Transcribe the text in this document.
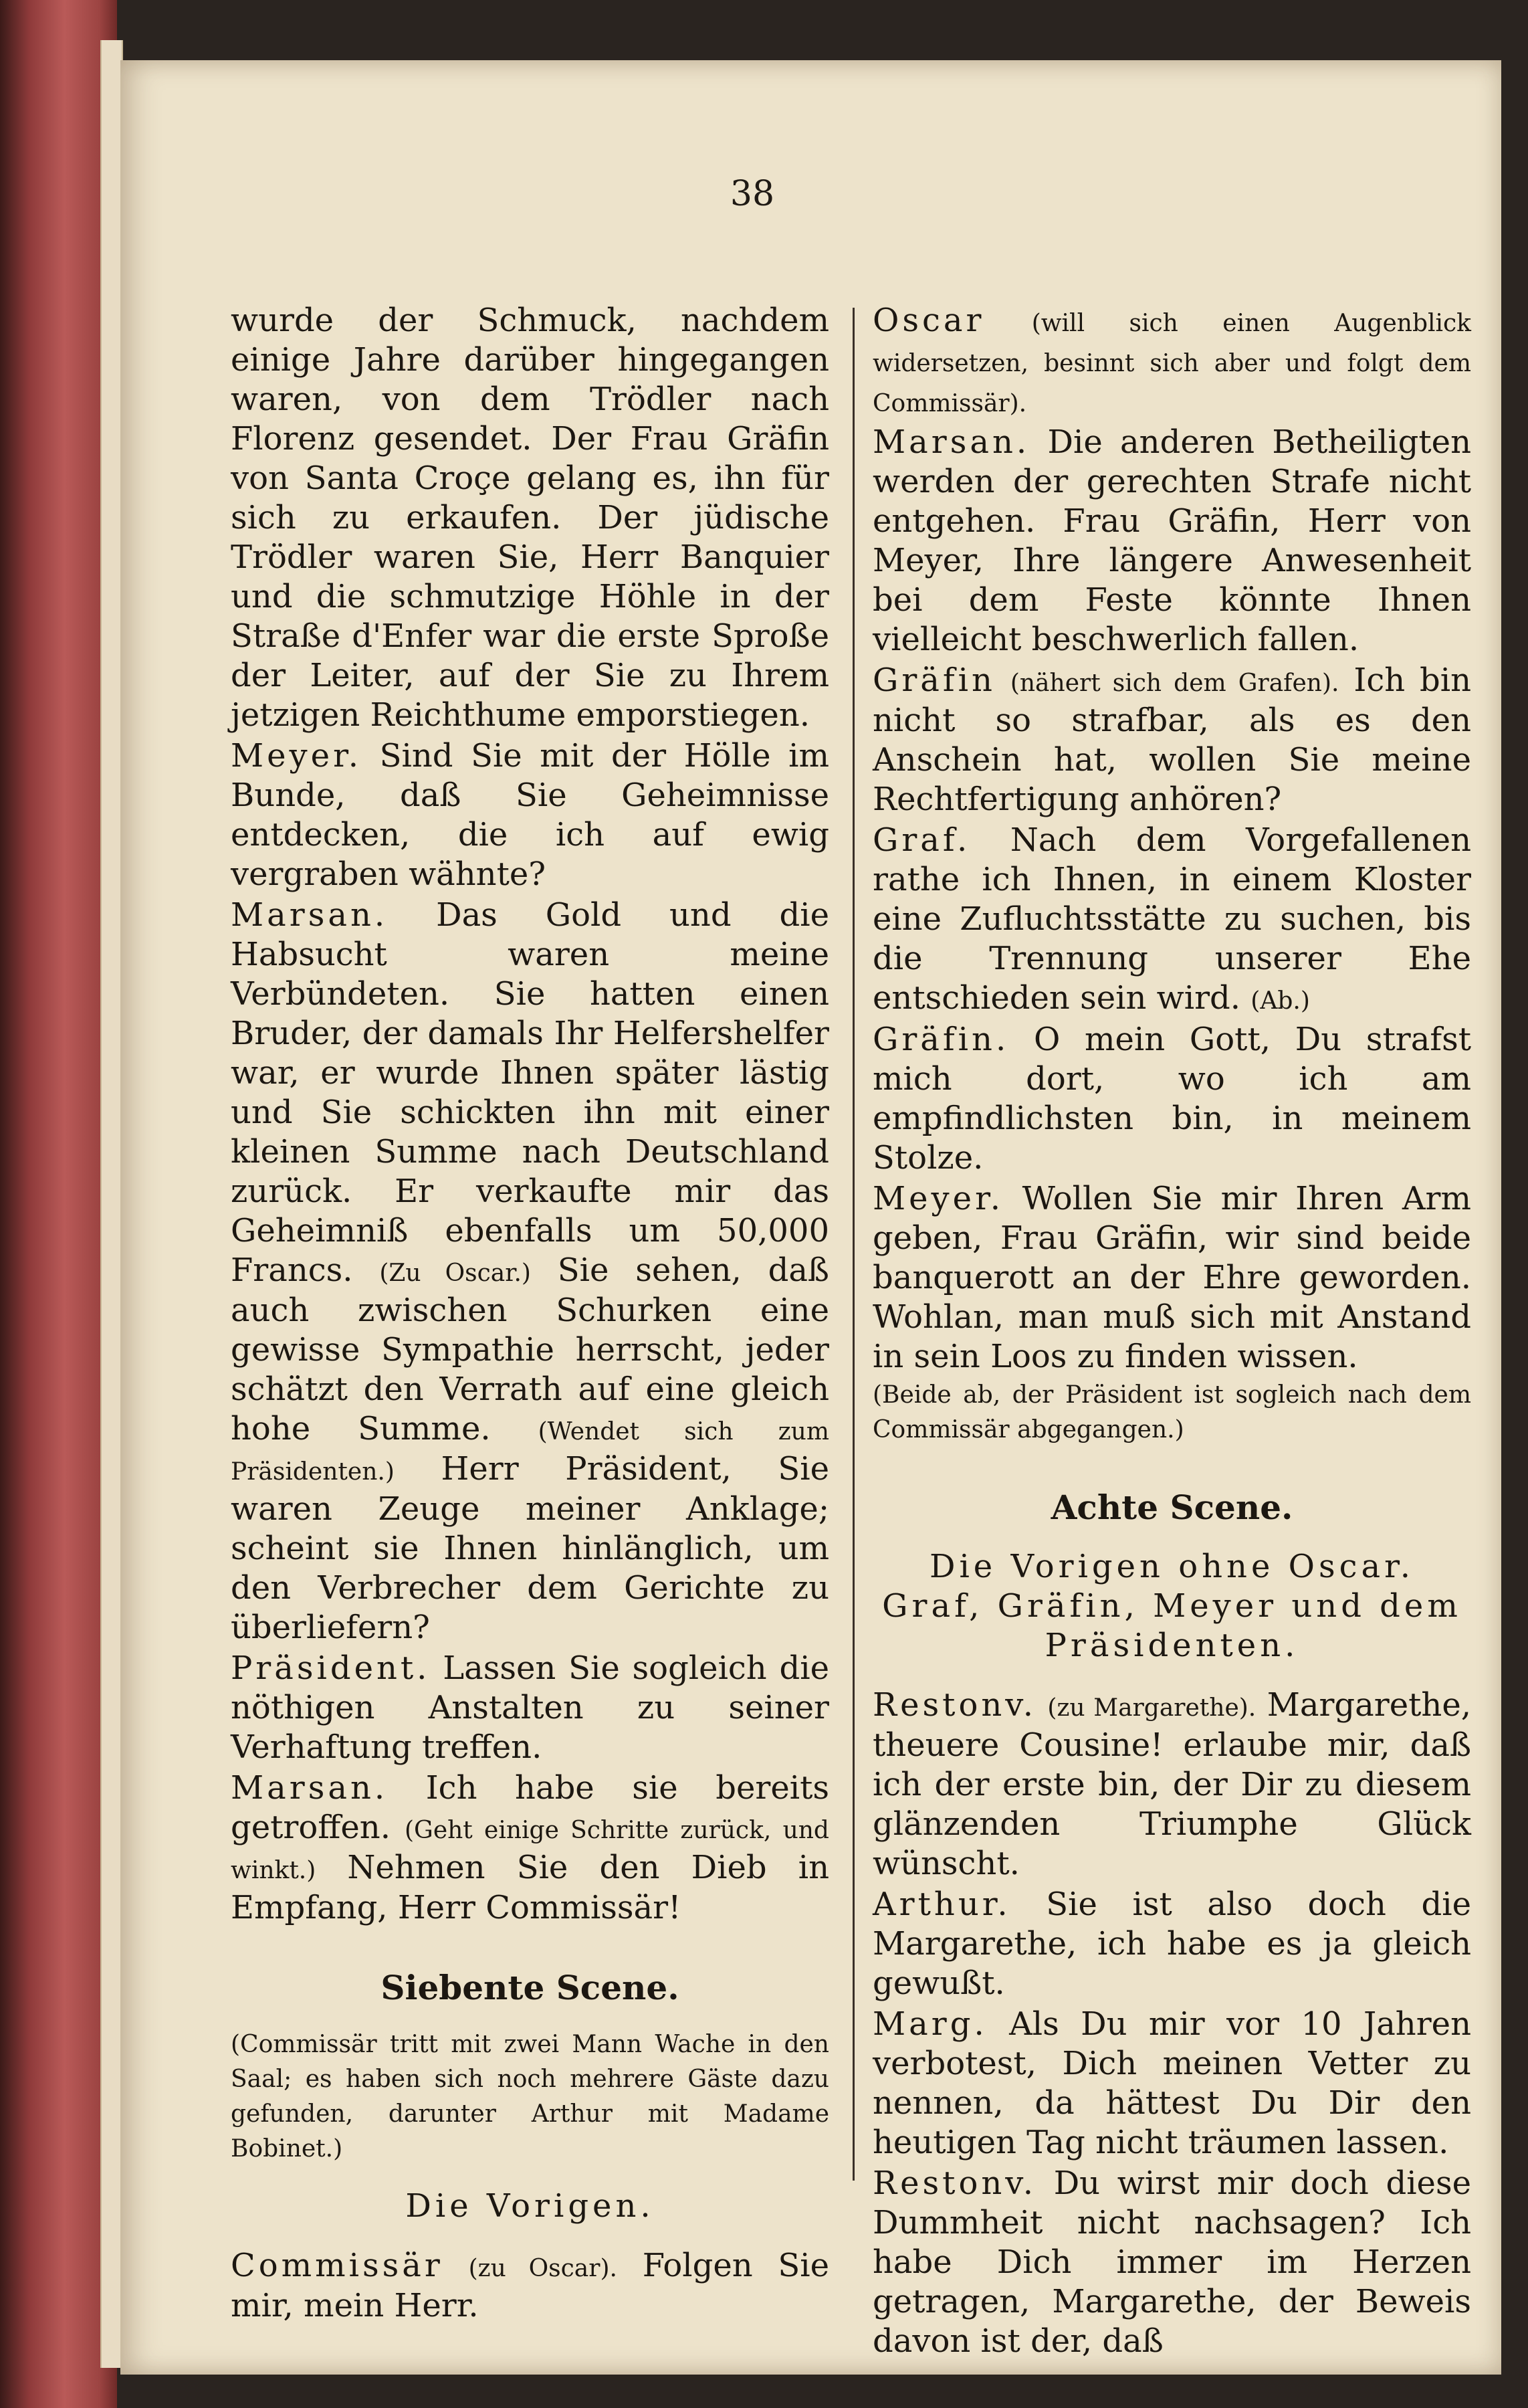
38

wurde der Schmuck, nachdem einige Jahre darüber hingegangen waren, von dem Trödler nach Florenz gesendet. Der Frau Gräfin von Santa Croçe gelang es, ihn für sich zu erkaufen. Der jüdische Trödler waren Sie, Herr Banquier und die schmutzige Höhle in der Straße d'Enfer war die erste Sproße der Leiter, auf der Sie zu Ihrem jetzigen Reichthume emporstiegen.

Meyer. Sind Sie mit der Hölle im Bunde, daß Sie Geheimnisse entdecken, die ich auf ewig vergraben wähnte?

Marsan. Das Gold und die Habsucht waren meine Verbündeten. Sie hatten einen Bruder, der damals Ihr Helfershelfer war, er wurde Ihnen später lästig und Sie schickten ihn mit einer kleinen Summe nach Deutschland zurück. Er verkaufte mir das Geheimniß ebenfalls um 50,000 Francs. (Zu Oscar.) Sie sehen, daß auch zwischen Schurken eine gewisse Sympathie herrscht, jeder schätzt den Verrath auf eine gleich hohe Summe. (Wendet sich zum Präsidenten.) Herr Präsident, Sie waren Zeuge meiner Anklage; scheint sie Ihnen hinlänglich, um den Verbrecher dem Gerichte zu überliefern?

Präsident. Lassen Sie sogleich die nöthigen Anstalten zu seiner Verhaftung treffen.

Marsan. Ich habe sie bereits getroffen. (Geht einige Schritte zurück, und winkt.) Nehmen Sie den Dieb in Empfang, Herr Commissär!

Siebente Scene.
(Commissär tritt mit zwei Mann Wache in den Saal; es haben sich noch mehrere Gäste dazu gefunden, darunter Arthur mit Madame Bobinet.)
Die Vorigen.

Commissär (zu Oscar). Folgen Sie mir, mein Herr.

Oscar (will sich einen Augenblick widersetzen, besinnt sich aber und folgt dem Commissär).

Marsan. Die anderen Betheiligten werden der gerechten Strafe nicht entgehen. Frau Gräfin, Herr von Meyer, Ihre längere Anwesenheit bei dem Feste könnte Ihnen vielleicht beschwerlich fallen.

Gräfin (nähert sich dem Grafen). Ich bin nicht so strafbar, als es den Anschein hat, wollen Sie meine Rechtfertigung anhören?

Graf. Nach dem Vorgefallenen rathe ich Ihnen, in einem Kloster eine Zufluchtsstätte zu suchen, bis die Trennung unserer Ehe entschieden sein wird. (Ab.)

Gräfin. O mein Gott, Du strafst mich dort, wo ich am empfindlichsten bin, in meinem Stolze.

Meyer. Wollen Sie mir Ihren Arm geben, Frau Gräfin, wir sind beide banquerott an der Ehre geworden. Wohlan, man muß sich mit Anstand in sein Loos zu finden wissen.

(Beide ab, der Präsident ist sogleich nach dem Commissär abgegangen.)
Achte Scene.
Die Vorigen ohne Oscar. Graf, Gräfin, Meyer und dem Präsidenten.

Restonv. (zu Margarethe). Margarethe, theuere Cousine! erlaube mir, daß ich der erste bin, der Dir zu diesem glänzenden Triumphe Glück wünscht.

Arthur. Sie ist also doch die Margarethe, ich habe es ja gleich gewußt.

Marg. Als Du mir vor 10 Jahren verbotest, Dich meinen Vetter zu nennen, da hättest Du Dir den heutigen Tag nicht träumen lassen.

Restonv. Du wirst mir doch diese Dummheit nicht nachsagen? Ich habe Dich immer im Herzen getragen, Margarethe, der Beweis davon ist der, daß
